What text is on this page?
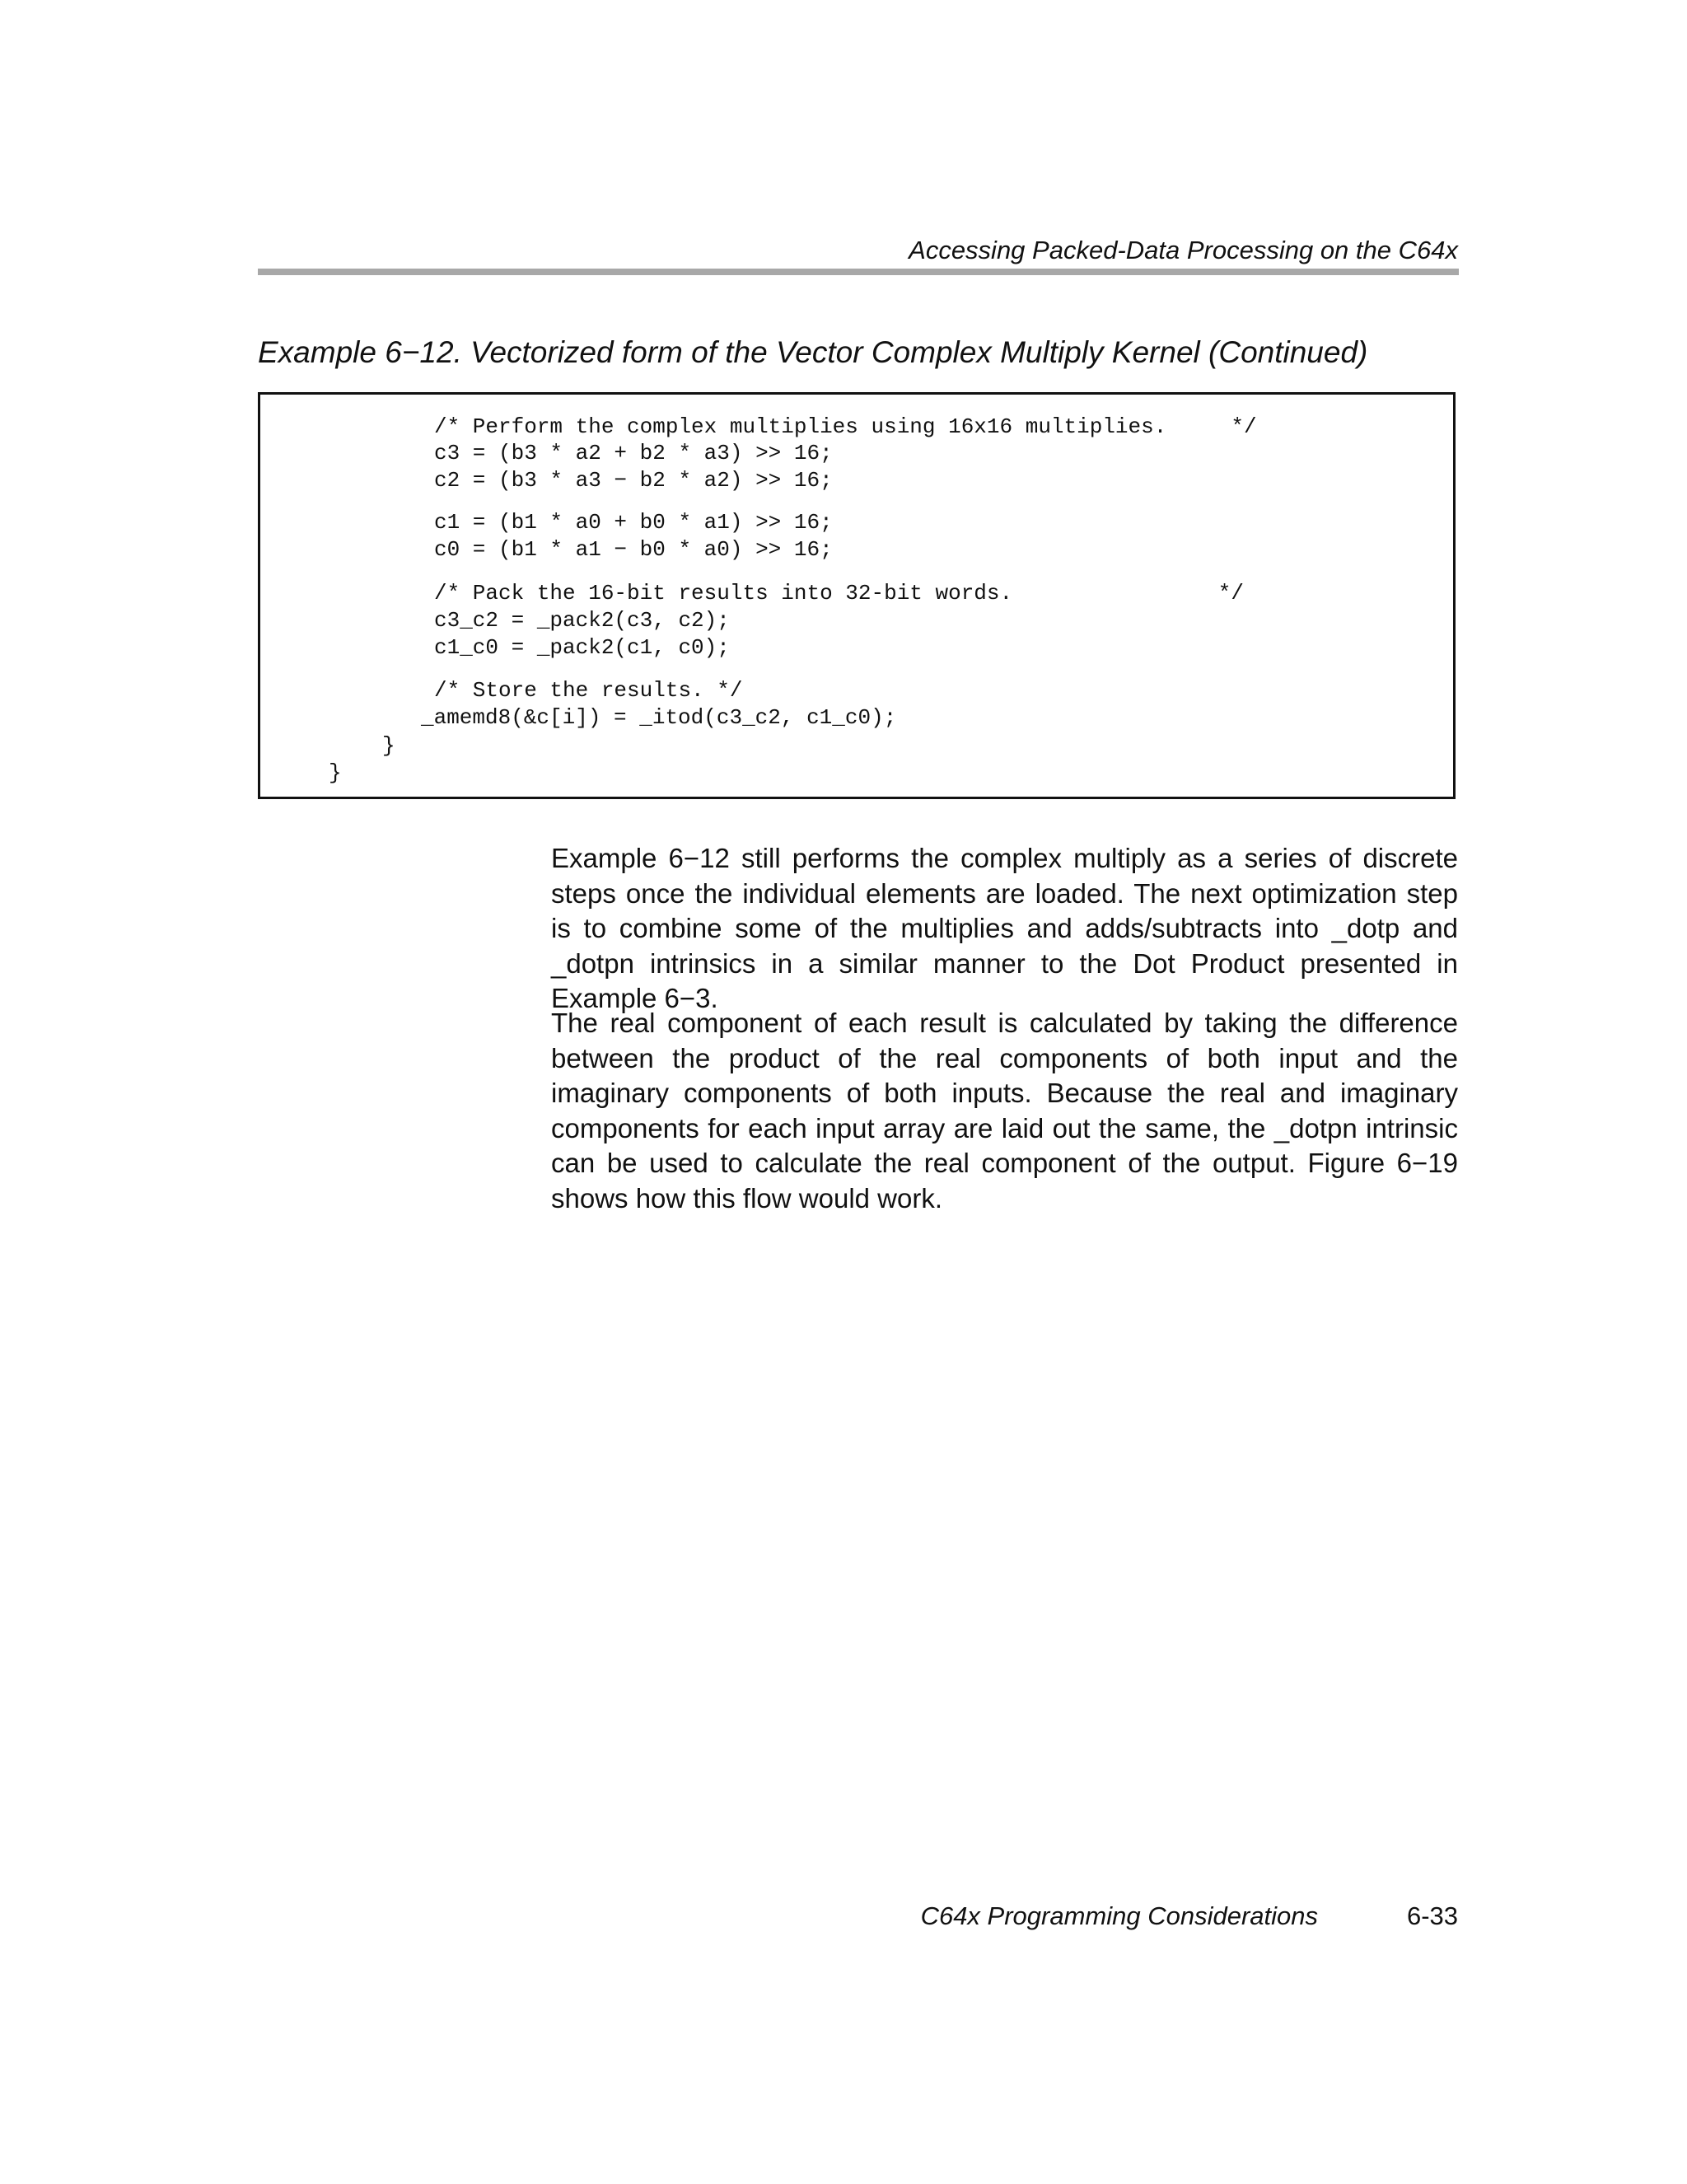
Accessing Packed-Data Processing on the C64x
Example 6−12. Vectorized form of the Vector Complex Multiply Kernel (Continued)
/* Perform the complex multiplies using 16x16 multiplies.     */
c3 = (b3 * a2 + b2 * a3) >> 16;
c2 = (b3 * a3 − b2 * a2) >> 16;
c1 = (b1 * a0 + b0 * a1) >> 16;
c0 = (b1 * a1 − b0 * a0) >> 16;
/* Pack the 16-bit results into 32-bit words.                */
c3_c2 = _pack2(c3, c2);
c1_c0 = _pack2(c1, c0);
/* Store the results. */
_amemd8(&c[i]) = _itod(c3_c2, c1_c0);
}
}
Example 6−12 still performs the complex multiply as a series of discrete steps once the individual elements are loaded. The next optimization step is to combine some of the multiplies and adds/subtracts into _dotp and _dotpn intrinsics in a similar manner to the Dot Product presented in Example 6−3.
The real component of each result is calculated by taking the difference between the product of the real components of both input and the imaginary components of both inputs. Because the real and imaginary components for each input array are laid out the same, the _dotpn intrinsic can be used to calculate the real component of the output. Figure 6−19 shows how this flow would work.
C64x Programming Considerations	6-33
